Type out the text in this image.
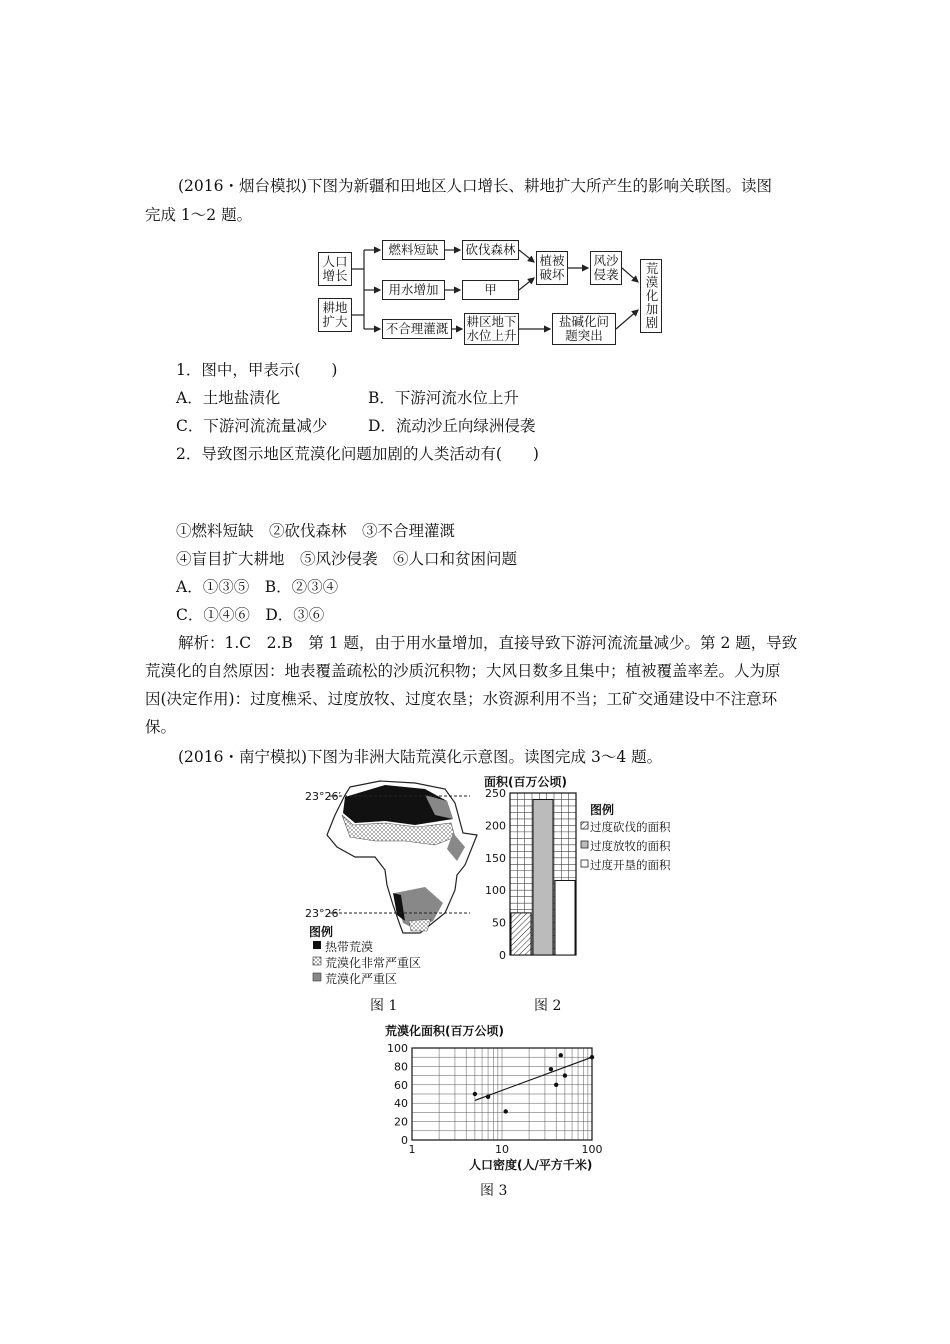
(2016・烟台模拟)下图为新疆和田地区人口增长、耕地扩大所产生的影响关联图。读图
完成 1～2 题。
人口增长
耕地扩大
燃料短缺	砍伐森林
用水增加	甲
不合理灌溉	耕区地下水位上升
植被破坏
风沙侵袭
盐碱化问题突出
荒漠化加剧
1．图中，甲表示(　　)
A．土地盐渍化	B．下游河流水位上升
C．下游河流流量减少	D．流动沙丘向绿洲侵袭
2．导致图示地区荒漠化问题加剧的人类活动有(　　)
①燃料短缺　②砍伐森林　③不合理灌溉
④盲目扩大耕地　⑤风沙侵袭　⑥人口和贫困问题
A．①③⑤　B．②③④
C．①④⑥　D．③⑥
解析：1.C　2.B　第 1 题，由于用水量增加，直接导致下游河流流量减少。第 2 题，导致
荒漠化的自然原因：地表覆盖疏松的沙质沉积物；大风日数多且集中；植被覆盖率差。人为原
因(决定作用)：过度樵采、过度放牧、过度农垦；水资源利用不当；工矿交通建设中不注意环
保。
(2016・南宁模拟)下图为非洲大陆荒漠化示意图。读图完成 3～4 题。
23°26′
23°26′
图例
热带荒漠
荒漠化非常严重区
荒漠化严重区
图 1
面积(百万公顷)
0
50
100
150
200
250
图例
过度砍伐的面积
过度放牧的面积
过度开垦的面积
图 2
荒漠化面积(百万公顷)
0
20
40
60
80
100
1	10	100
人口密度(人/平方千米)
图 3
